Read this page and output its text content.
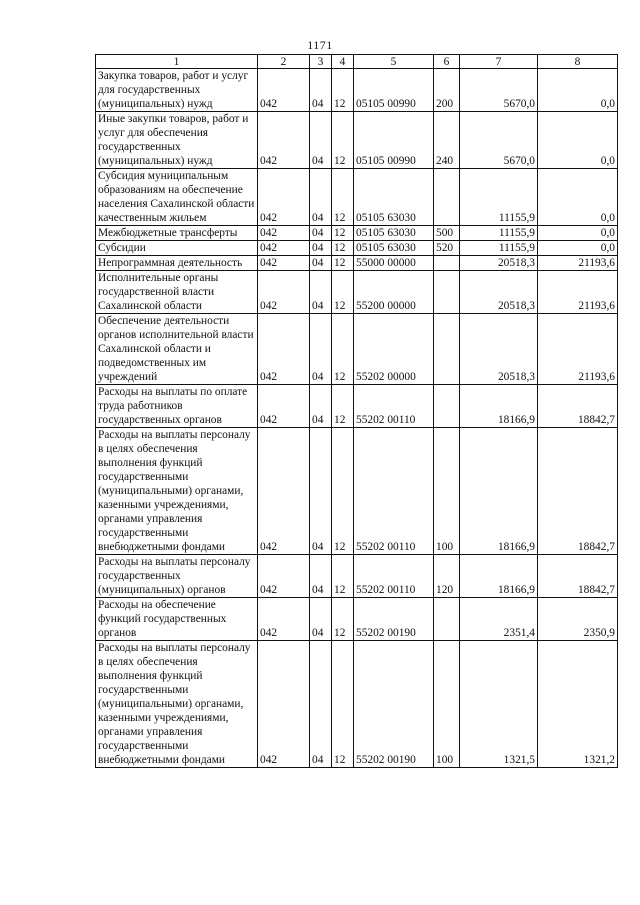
1171
1	2	3	4	5	6	7	8
Закупка товаров, работ и услуг для государственных (муниципальных) нужд	042	04	12	05105 00990	200	5670,0	0,0
Иные закупки товаров, работ и услуг для обеспечения государственных (муниципальных) нужд	042	04	12	05105 00990	240	5670,0	0,0
Субсидия муниципальным образованиям на обеспечение населения Сахалинской области качественным жильем	042	04	12	05105 63030		11155,9	0,0
Межбюджетные трансферты	042	04	12	05105 63030	500	11155,9	0,0
Субсидии	042	04	12	05105 63030	520	11155,9	0,0
Непрограммная деятельность	042	04	12	55000 00000		20518,3	21193,6
Исполнительные органы государственной власти Сахалинской области	042	04	12	55200 00000		20518,3	21193,6
Обеспечение деятельности органов исполнительной власти Сахалинской области и подведомственных им учреждений	042	04	12	55202 00000		20518,3	21193,6
Расходы на выплаты по оплате труда работников государственных органов	042	04	12	55202 00110		18166,9	18842,7
Расходы на выплаты персоналу в целях обеспечения выполнения функций государственными (муниципальными) органами, казенными учреждениями, органами управления государственными внебюджетными фондами	042	04	12	55202 00110	100	18166,9	18842,7
Расходы на выплаты персоналу государственных (муниципальных) органов	042	04	12	55202 00110	120	18166,9	18842,7
Расходы на обеспечение функций государственных органов	042	04	12	55202 00190		2351,4	2350,9
Расходы на выплаты персоналу в целях обеспечения выполнения функций государственными (муниципальными) органами, казенными учреждениями, органами управления государственными внебюджетными фондами	042	04	12	55202 00190	100	1321,5	1321,2
